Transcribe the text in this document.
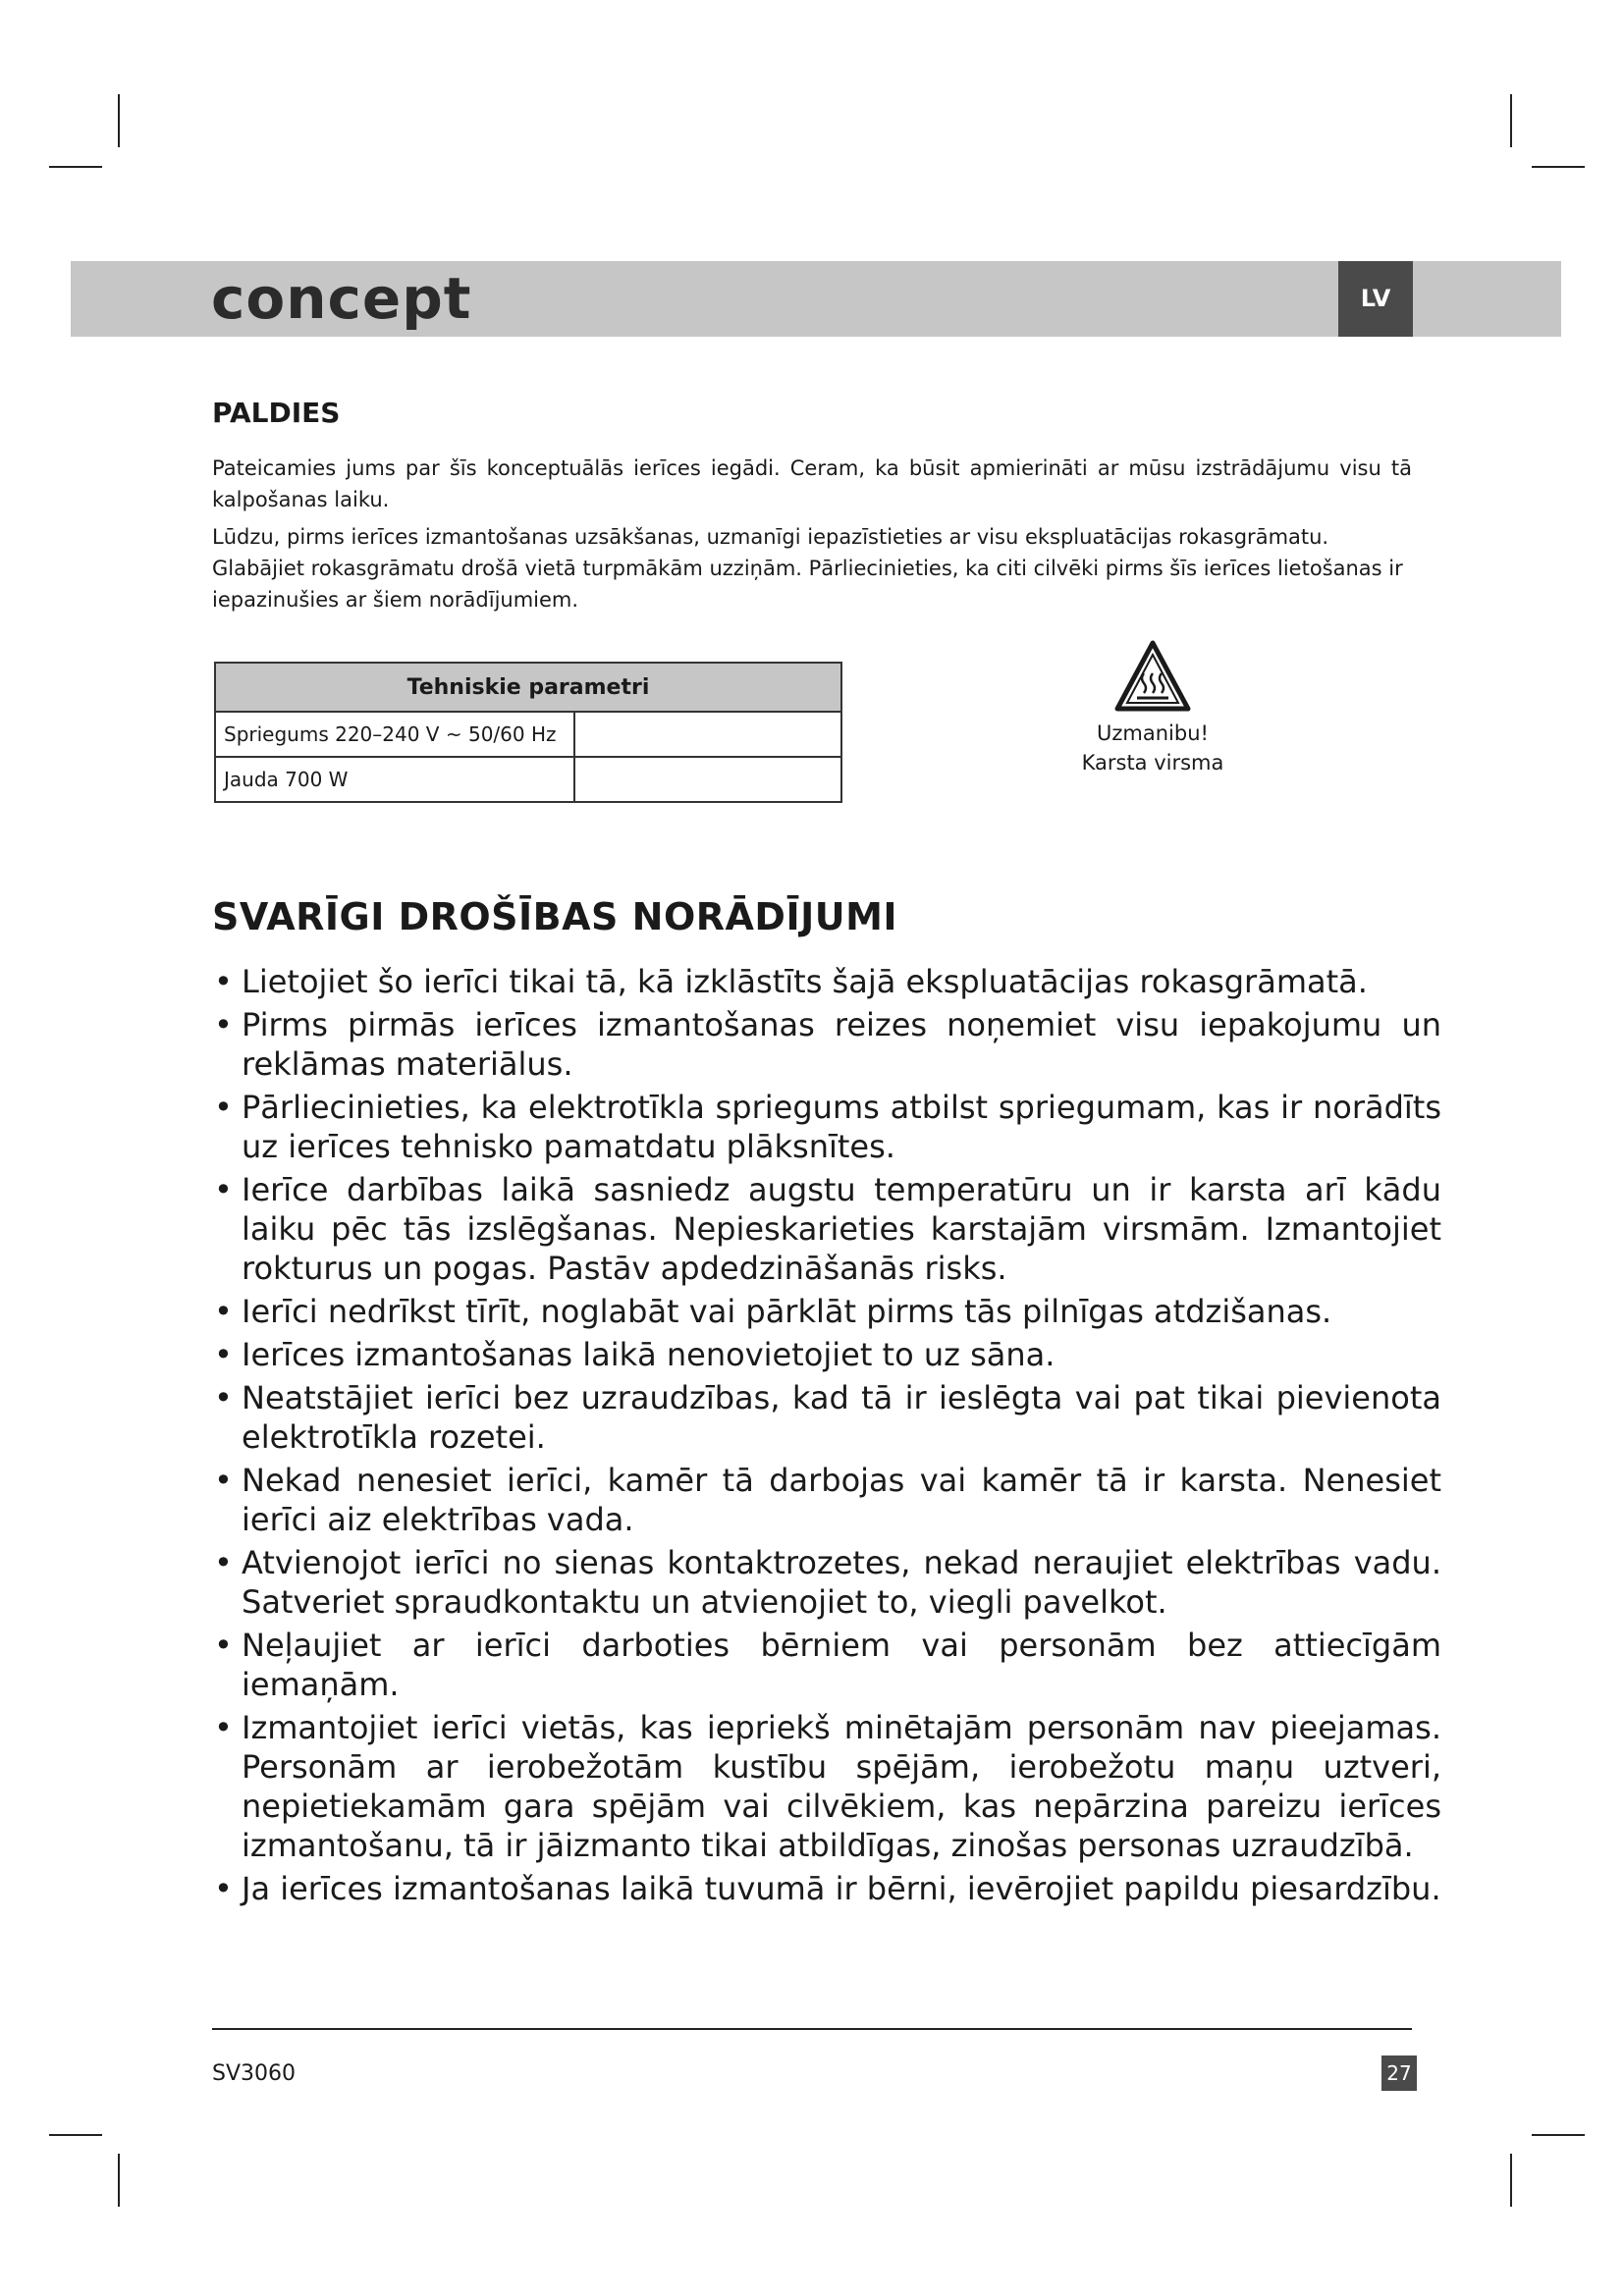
concept	LV
PALDIES
Pateicamies jums par šīs konceptuālās ierīces iegādi. Ceram, ka būsit apmierināti ar mūsu izstrādājumu visu tā kalpošanas laiku.
Lūdzu, pirms ierīces izmantošanas uzsākšanas, uzmanīgi iepazīstieties ar visu ekspluatācijas rokasgrāmatu. Glabājiet rokasgrāmatu drošā vietā turpmākām uzziņām. Pārliecinieties, ka citi cilvēki pirms šīs ierīces lietošanas ir iepazinušies ar šiem norādījumiem.
Tehniskie parametri	
Spriegums 220–240 V ~ 50/60 Hz	
Jauda 700 W	
Uzmanibu!
Karsta virsma
SVARĪGI DROŠĪBAS NORĀDĪJUMI
• Lietojiet šo ierīci tikai tā, kā izklāstīts šajā ekspluatācijas rokasgrāmatā.
• Pirms pirmās ierīces izmantošanas reizes noņemiet visu iepakojumu un reklāmas materiālus.
• Pārliecinieties, ka elektrotīkla spriegums atbilst spriegumam, kas ir norādīts uz ierīces tehnisko pamatdatu plāksnītes.
• Ierīce darbības laikā sasniedz augstu temperatūru un ir karsta arī kādu laiku pēc tās izslēgšanas. Nepieskarieties karstajām virsmām. Izmantojiet rokturus un pogas. Pastāv apdedzināšanās risks.
• Ierīci nedrīkst tīrīt, noglabāt vai pārklāt pirms tās pilnīgas atdzišanas.
• Ierīces izmantošanas laikā nenovietojiet to uz sāna.
• Neatstājiet ierīci bez uzraudzības, kad tā ir ieslēgta vai pat tikai pievienota elektrotīkla rozetei.
• Nekad nenesiet ierīci, kamēr tā darbojas vai kamēr tā ir karsta. Nenesiet ierīci aiz elektrības vada.
• Atvienojot ierīci no sienas kontaktrozetes, nekad neraujiet elektrības vadu. Satveriet spraudkontaktu un atvienojiet to, viegli pavelkot.
• Neļaujiet ar ierīci darboties bērniem vai personām bez attiecīgām iemaņām.
• Izmantojiet ierīci vietās, kas iepriekš minētajām personām nav pieejamas. Personām ar ierobežotām kustību spējām, ierobežotu maņu uztveri, nepietiekamām gara spējām vai cilvēkiem, kas nepārzina pareizu ierīces izmantošanu, tā ir jāizmanto tikai atbildīgas, zinošas personas uzraudzībā.
• Ja ierīces izmantošanas laikā tuvumā ir bērni, ievērojiet papildu piesardzību.
SV3060	27
